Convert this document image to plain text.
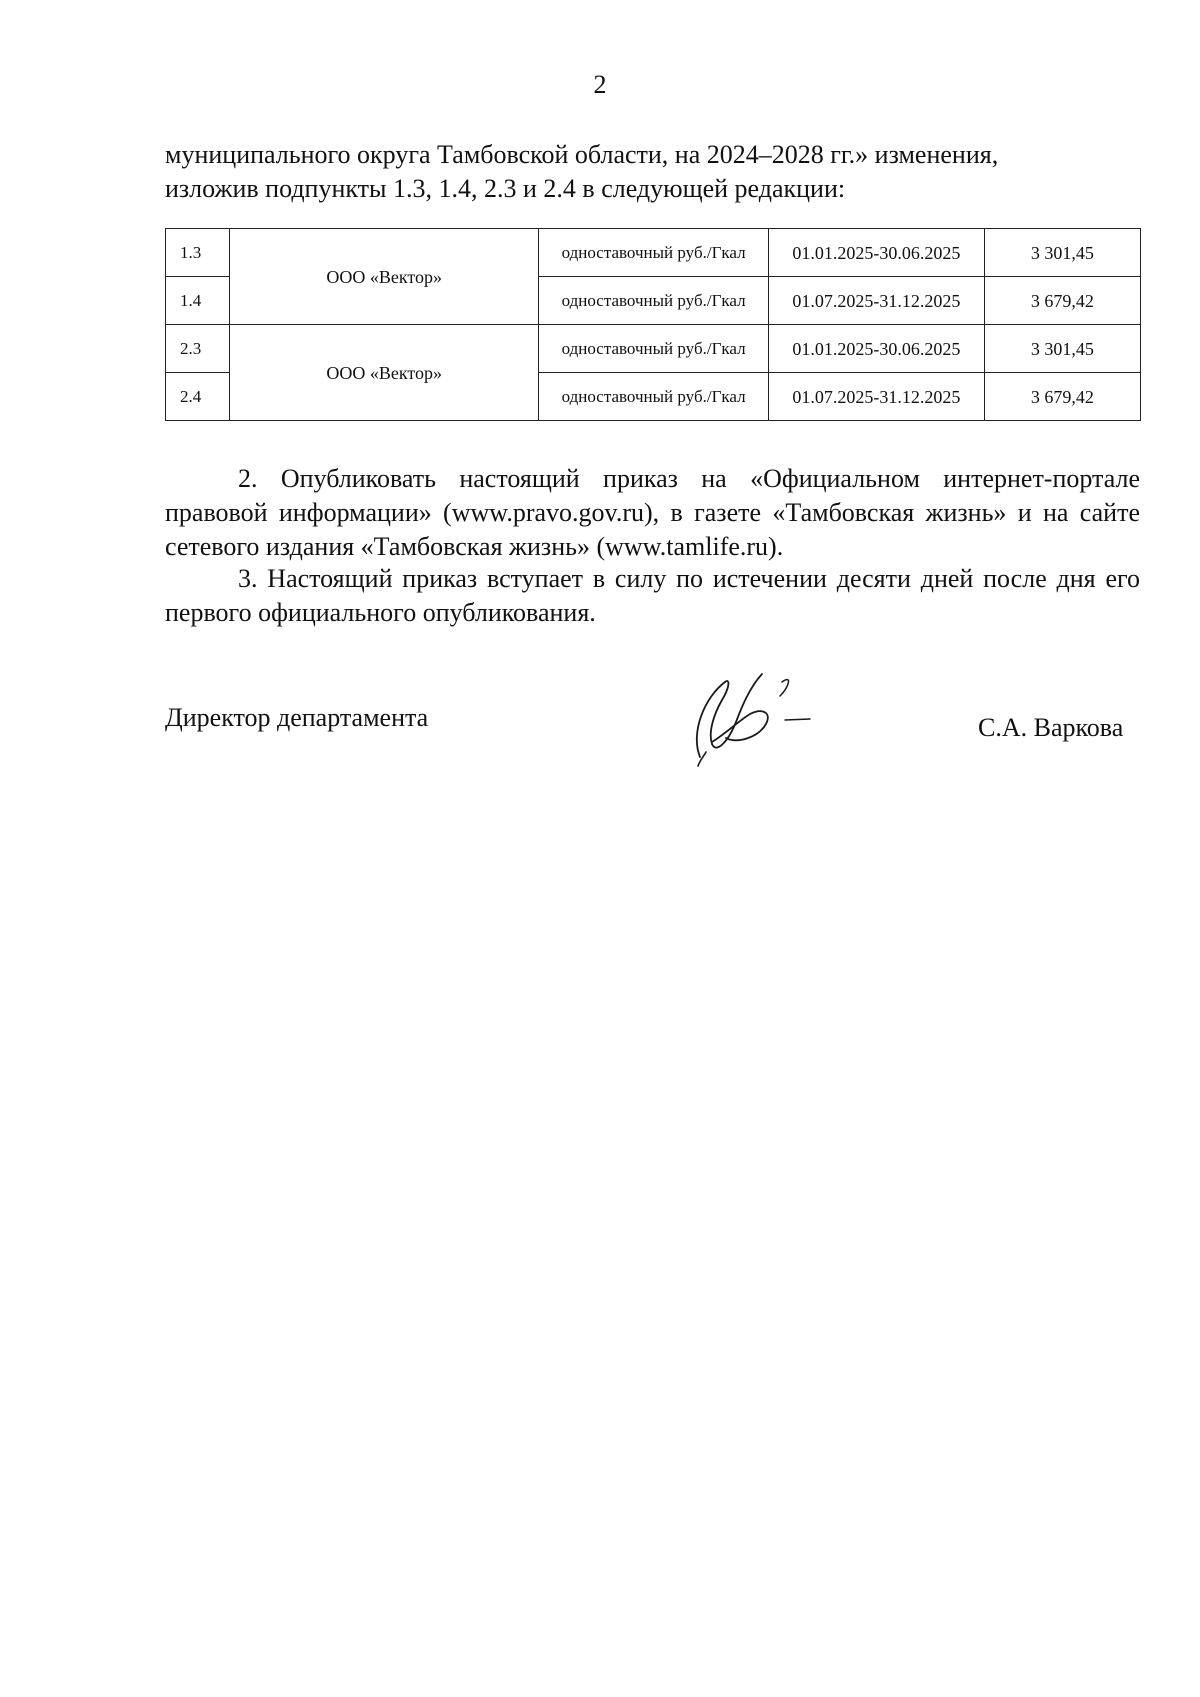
2
муниципального округа Тамбовской области, на 2024–2028 гг.» изменения,
изложив подпункты 1.3, 1.4, 2.3 и 2.4 в следующей редакции:
1.3	ООО «Вектор»	одноставочный руб./Гкал	01.01.2025-30.06.2025	3 301,45
1.4		одноставочный руб./Гкал	01.07.2025-31.12.2025	3 679,42
2.3	ООО «Вектор»	одноставочный руб./Гкал	01.01.2025-30.06.2025	3 301,45
2.4		одноставочный руб./Гкал	01.07.2025-31.12.2025	3 679,42
2. Опубликовать настоящий приказ на «Официальном интернет-портале правовой информации» (www.pravo.gov.ru), в газете «Тамбовская жизнь» и на сайте сетевого издания «Тамбовская жизнь» (www.tamlife.ru).
3. Настоящий приказ вступает в силу по истечении десяти дней после дня его первого официального опубликования.
Директор департамента	С.А. Варкова
